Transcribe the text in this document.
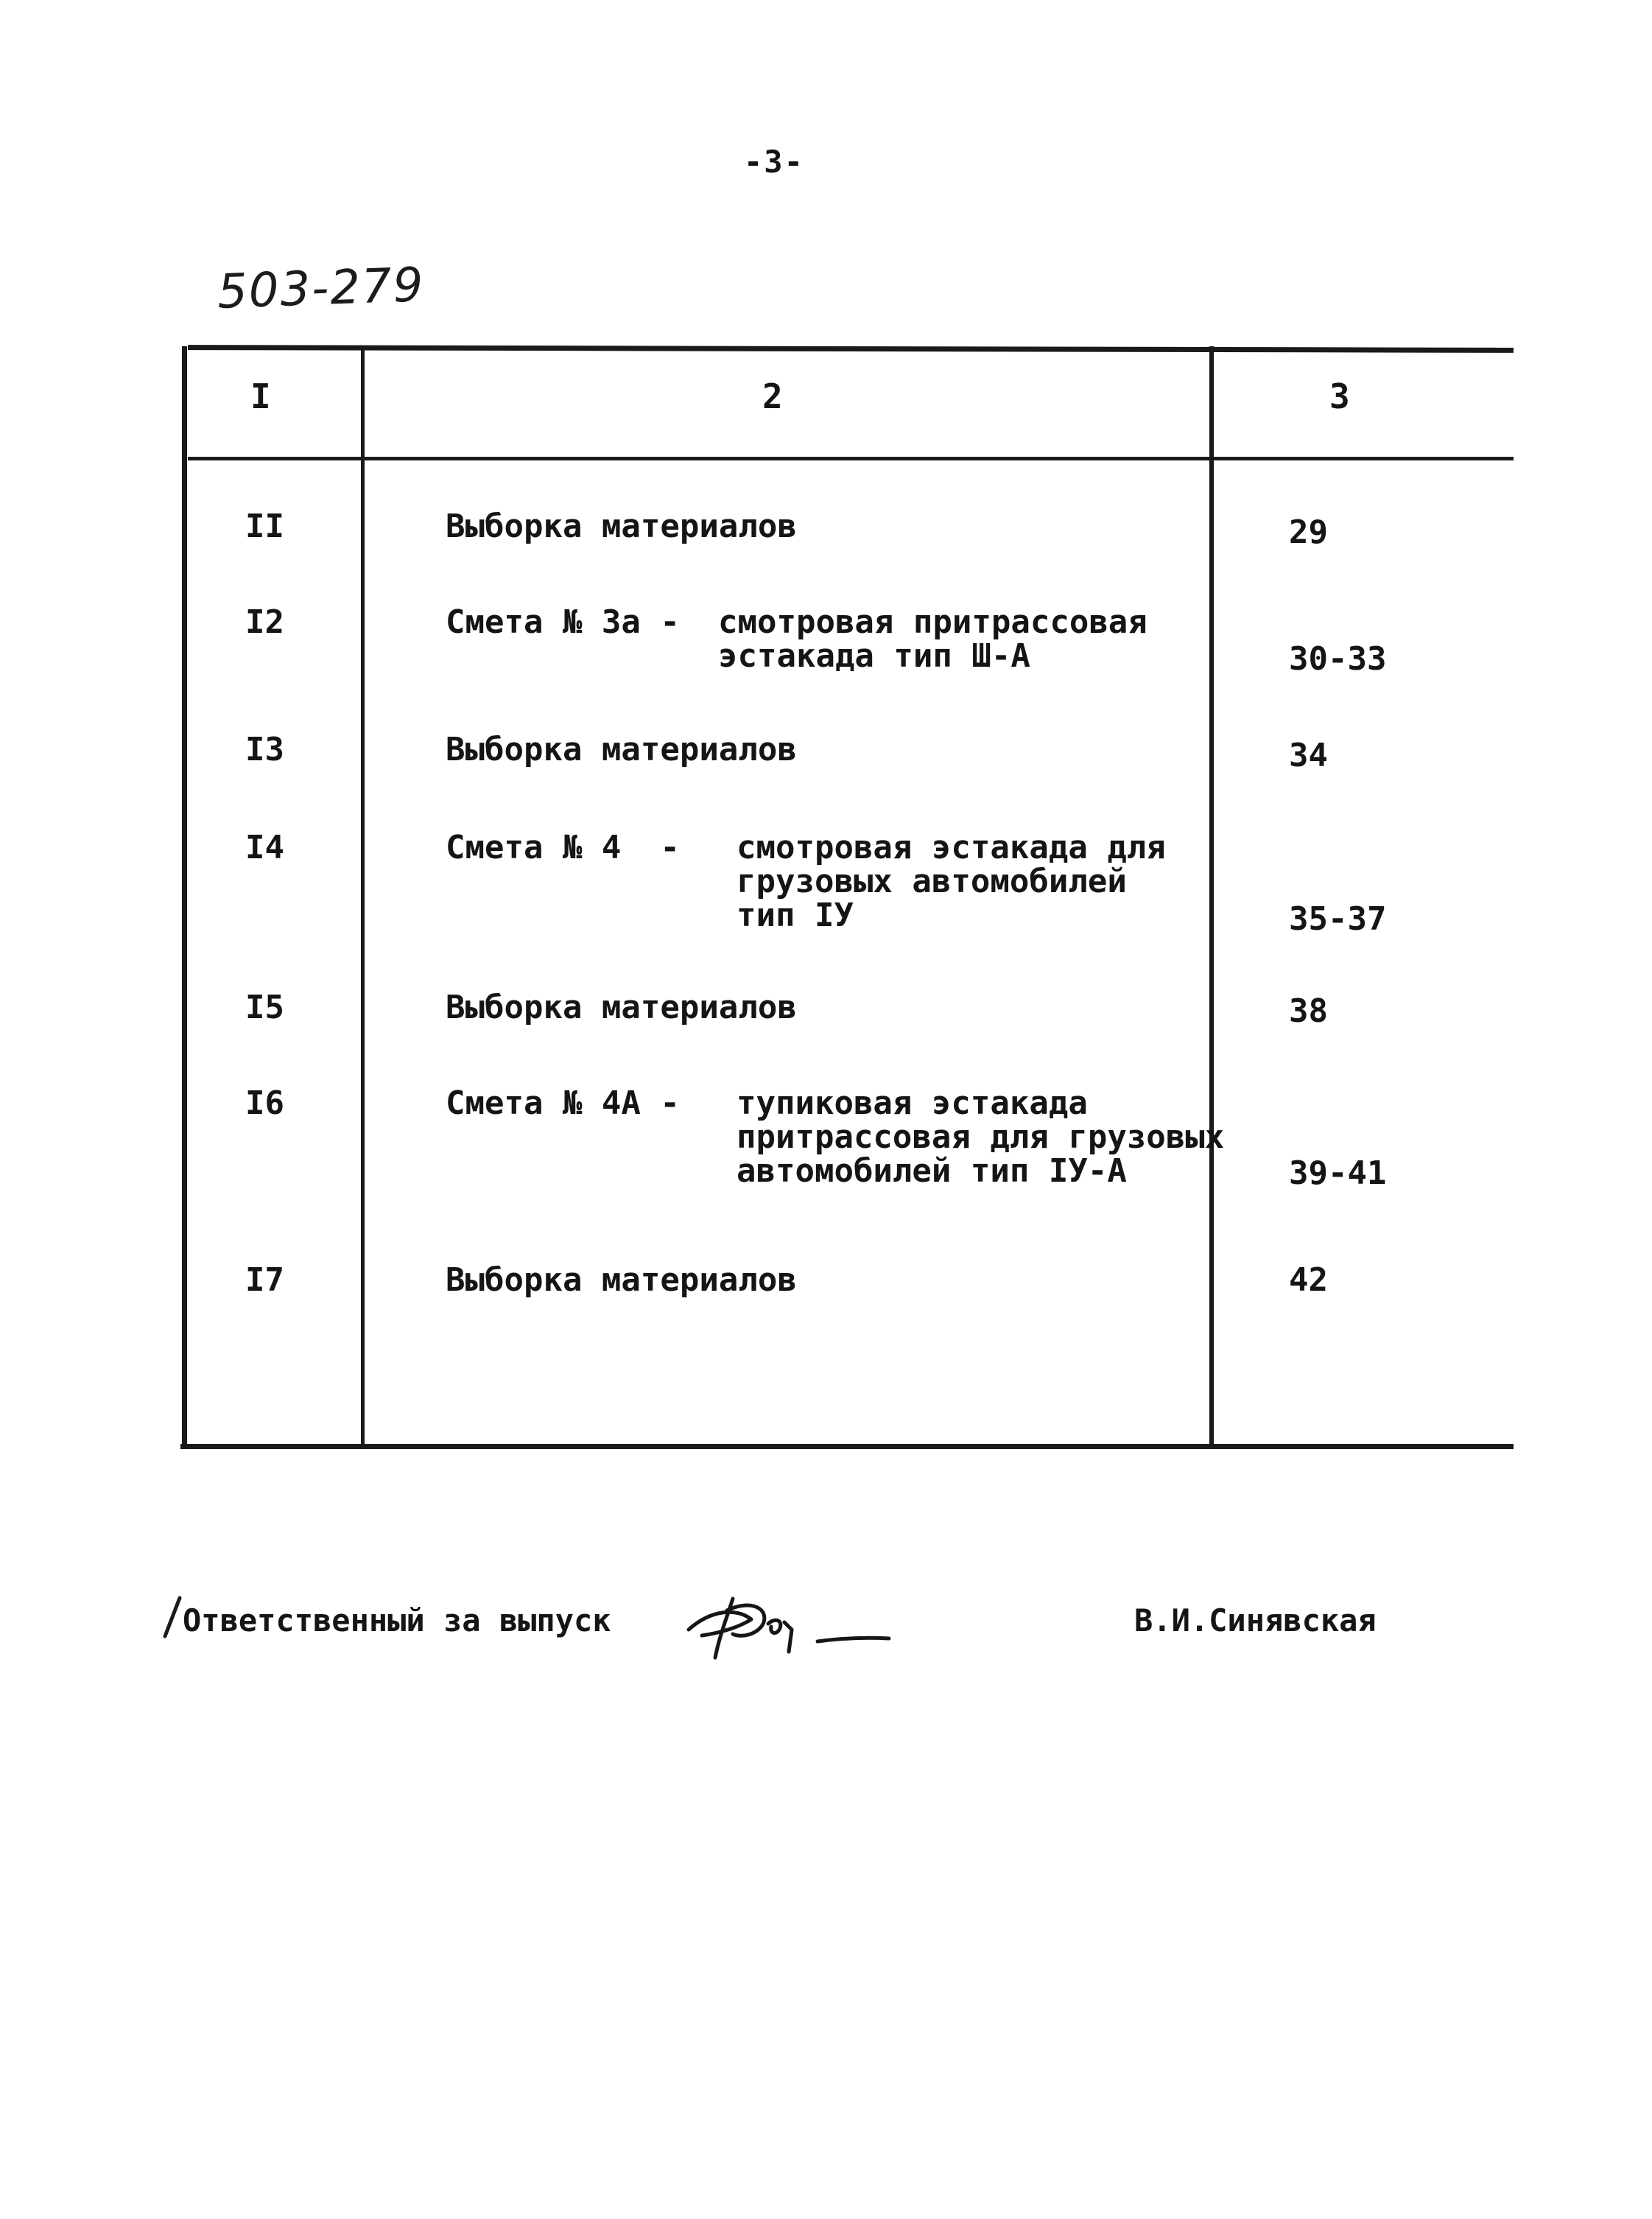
-3-
503-279
I	2	3
II	Выборка материалов	29
I2	Смета № 3а - смотровая притрассовая
эстакада тип Ш-А	30-33
I3	Выборка материалов	34
I4	Смета № 4  - смотровая эстакада для
грузовых автомобилей
тип IУ	35-37
I5	Выборка материалов	38
I6	Смета № 4А - тупиковая эстакада
притрассовая для грузовых
автомобилей тип IУ-А	39-41
I7	Выборка материалов	42
Ответственный за выпуск	В.И.Синявская
